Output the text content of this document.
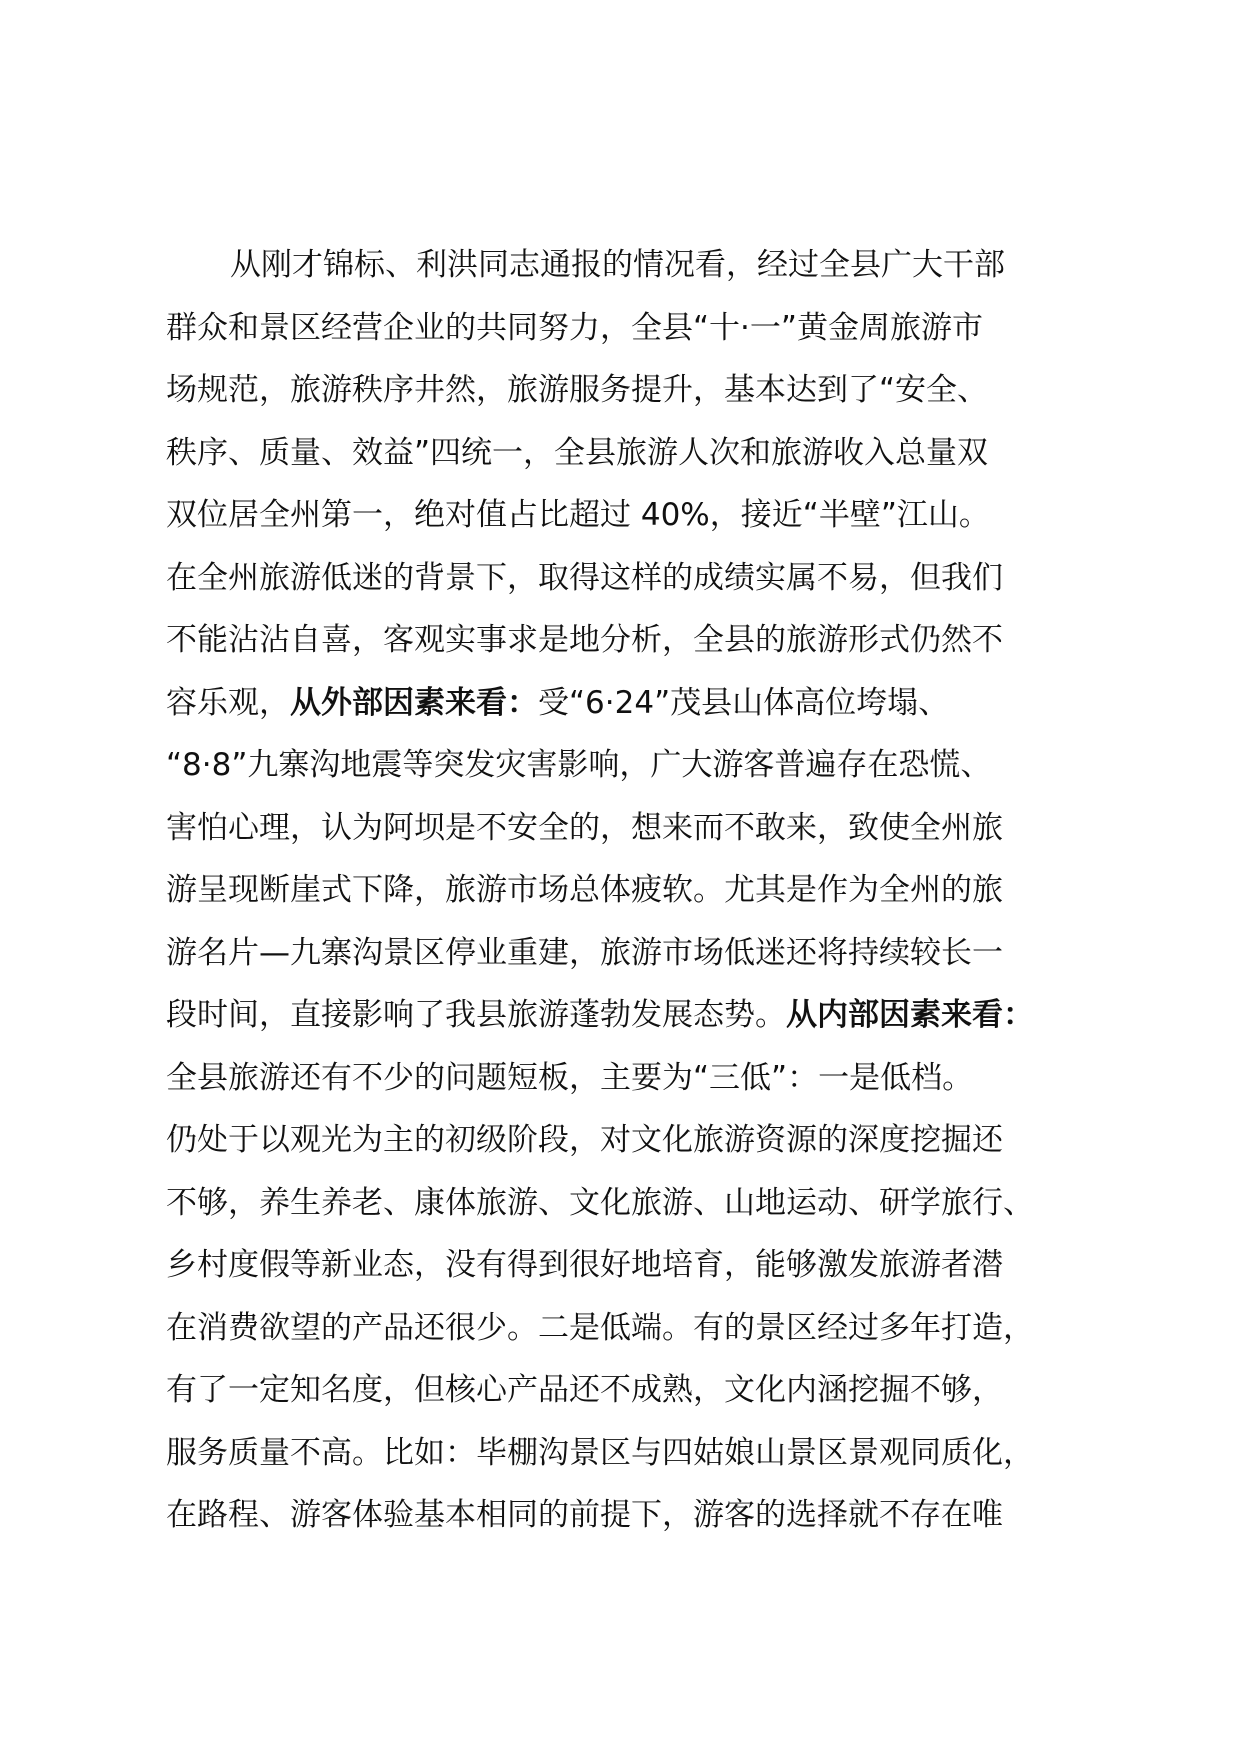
从刚才锦标、利洪同志通报的情况看，经过全县广大干部
群众和景区经营企业的共同努力，全县“十·一”黄金周旅游市
场规范，旅游秩序井然，旅游服务提升，基本达到了“安全、
秩序、质量、效益”四统一，全县旅游人次和旅游收入总量双
双位居全州第一，绝对值占比超过 40%，接近“半壁”江山。
在全州旅游低迷的背景下，取得这样的成绩实属不易，但我们
不能沾沾自喜，客观实事求是地分析，全县的旅游形式仍然不
容乐观，从外部因素来看：受“6·24”茂县山体高位垮塌、
“8·8”九寨沟地震等突发灾害影响，广大游客普遍存在恐慌、
害怕心理，认为阿坝是不安全的，想来而不敢来，致使全州旅
游呈现断崖式下降，旅游市场总体疲软。尤其是作为全州的旅
游名片—九寨沟景区停业重建，旅游市场低迷还将持续较长一
段时间，直接影响了我县旅游蓬勃发展态势。从内部因素来看：
全县旅游还有不少的问题短板，主要为“三低”：一是低档。
仍处于以观光为主的初级阶段，对文化旅游资源的深度挖掘还
不够，养生养老、康体旅游、文化旅游、山地运动、研学旅行、
乡村度假等新业态，没有得到很好地培育，能够激发旅游者潜
在消费欲望的产品还很少。二是低端。有的景区经过多年打造，
有了一定知名度，但核心产品还不成熟，文化内涵挖掘不够，
服务质量不高。比如：毕棚沟景区与四姑娘山景区景观同质化，
在路程、游客体验基本相同的前提下，游客的选择就不存在唯
